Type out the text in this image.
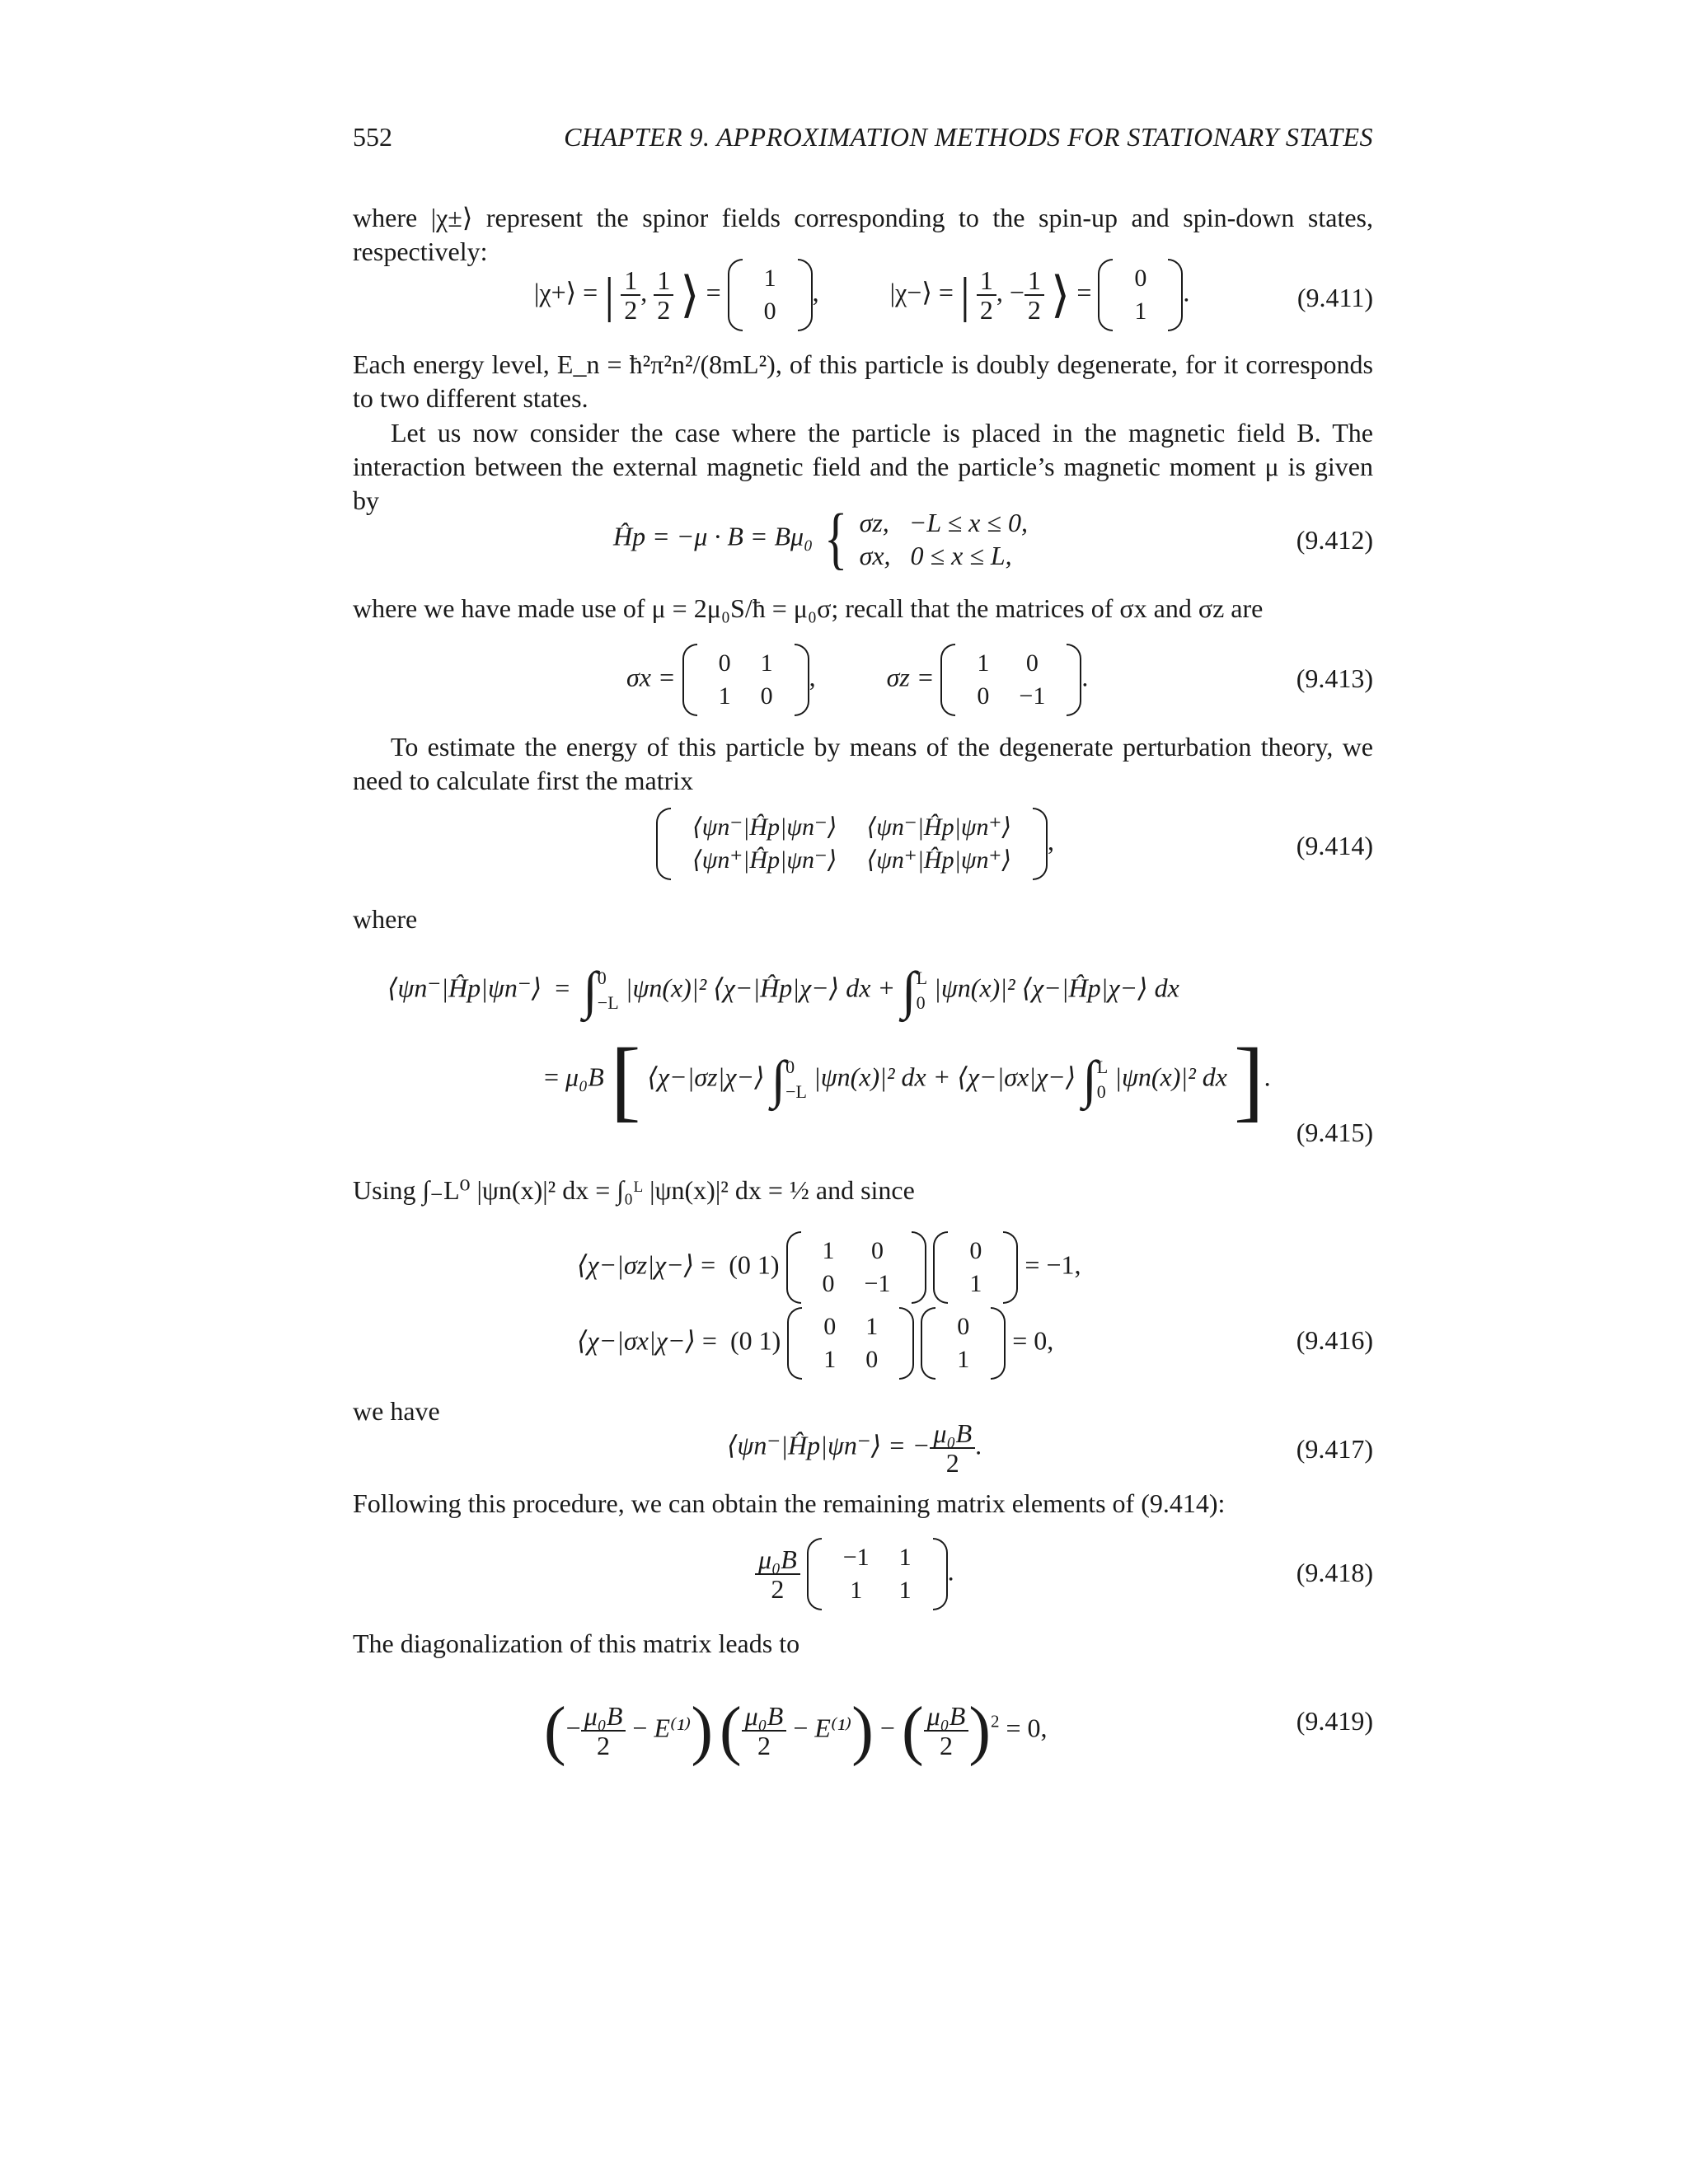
552	CHAPTER 9. APPROXIMATION METHODS FOR STATIONARY STATES

where |χ±⟩ represent the spinor fields corresponding to the spin-up and spin-down states, respectively:

|χ+⟩ = | $\frac{1}{2}$ , $\frac{1}{2}$ ⟩ = 1
0
,  |χ−⟩ = | $\frac{1}{2}$ , − $\frac{1}{2}$ ⟩ = 0
1
.	(9.411)

Each energy level, E_n = ħ²π²n²/(8mL²), of this particle is doubly degenerate, for it corresponds to two different states.

Let us now consider the case where the particle is placed in the magnetic field B. The interaction between the external magnetic field and the particle’s magnetic moment μ is given by

Ĥp = −μ · B = Bμ₀ { σz, −L ≤ x ≤ 0,
σx, 0 ≤ x ≤ L,
(9.412)

where we have made use of μ = 2μ₀S/ħ = μ₀σ; recall that the matrices of σx and σz are

σx = 0	1
1	0
,  σz = 1	0
0	−1
.	(9.413)

To estimate the energy of this particle by means of the degenerate perturbation theory, we need to calculate first the matrix

⟨ψn⁻|Ĥp|ψn⁻⟩	⟨ψn⁻|Ĥp|ψn⁺⟩
⟨ψn⁺|Ĥp|ψn⁻⟩	⟨ψn⁺|Ĥp|ψn⁺⟩
,	(9.414)

where

⟨ψn⁻|Ĥp|ψn⁻⟩  =  ∫0
−L |ψn(x)|² ⟨χ−|Ĥp|χ−⟩ dx + ∫L
0 |ψn(x)|² ⟨χ−|Ĥp|χ−⟩ dx
= μ₀B [ ⟨χ−|σz|χ−⟩ ∫0
−L |ψn(x)|² dx + ⟨χ−|σx|χ−⟩ ∫L
0 |ψn(x)|² dx ].
(9.415)

Using ∫₋L⁰ |ψn(x)|² dx = ∫₀ᴸ |ψn(x)|² dx = ½ and since

⟨χ−|σz|χ−⟩ =  (0 1) 1	0
0	−1

0
1
= −1,
⟨χ−|σx|χ−⟩ =  (0 1) 0	1
1	0

0
1
= 0,	(9.416)

we have

⟨ψn⁻|Ĥp|ψn⁻⟩ = − $\frac{\text{μ₀B}}{2}$ .	(9.417)

Following this procedure, we can obtain the remaining matrix elements of (9.414):

$\frac{\text{μ₀B}}{2}$
−1	1
1	1
.	(9.418)

The diagonalization of this matrix leads to

(− $\frac{\text{μ₀B}}{2} - E^{(1)}$) ( $\frac{\text{μ₀B}}{2} - E^{(1)}$) − ( $\frac{\text{μ₀B}}{2} )^2 = 0$,	(9.419)
